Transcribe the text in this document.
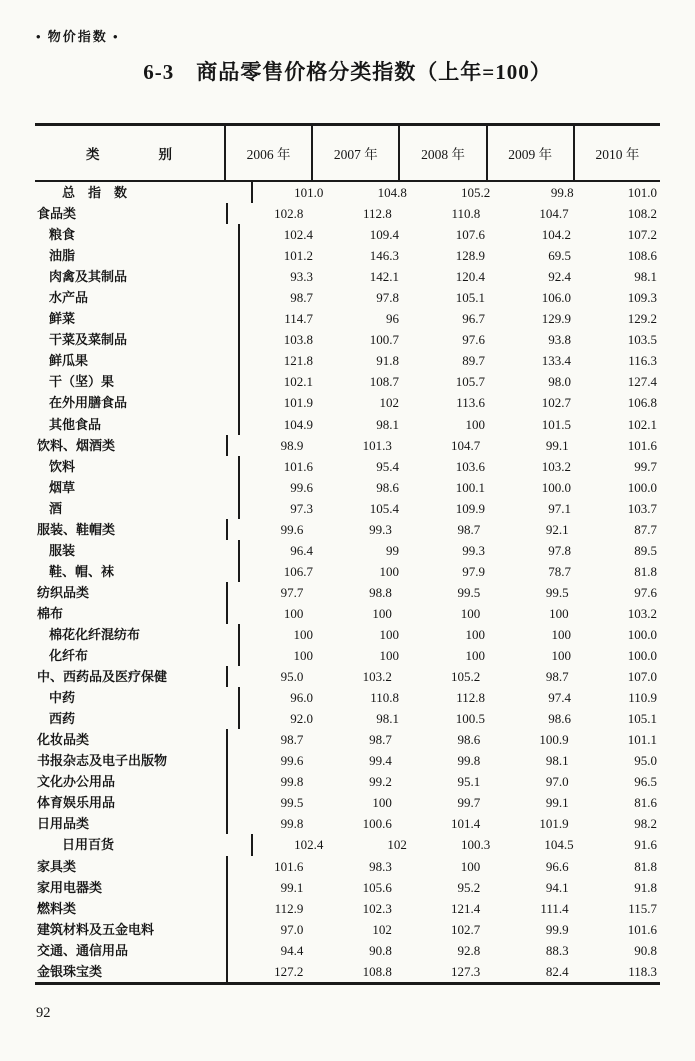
• 物价指数 •
6-3　商品零售价格分类指数（上年=100）
类　　　　别	2006 年	2007 年	2008 年	2009 年	2010 年
总　指　数	101.0	104.8	105.2	99.8	101.0
食品类	102.8	112.8	110.8	104.7	108.2
粮食	102.4	109.4	107.6	104.2	107.2
油脂	101.2	146.3	128.9	69.5	108.6
肉禽及其制品	93.3	142.1	120.4	92.4	98.1
水产品	98.7	97.8	105.1	106.0	109.3
鲜菜	114.7	96	96.7	129.9	129.2
干菜及菜制品	103.8	100.7	97.6	93.8	103.5
鲜瓜果	121.8	91.8	89.7	133.4	116.3
干（坚）果	102.1	108.7	105.7	98.0	127.4
在外用膳食品	101.9	102	113.6	102.7	106.8
其他食品	104.9	98.1	100	101.5	102.1
饮料、烟酒类	98.9	101.3	104.7	99.1	101.6
饮料	101.6	95.4	103.6	103.2	99.7
烟草	99.6	98.6	100.1	100.0	100.0
酒	97.3	105.4	109.9	97.1	103.7
服装、鞋帽类	99.6	99.3	98.7	92.1	87.7
服装	96.4	99	99.3	97.8	89.5
鞋、帽、袜	106.7	100	97.9	78.7	81.8
纺织品类	97.7	98.8	99.5	99.5	97.6
棉布	100	100	100	100	103.2
棉花化纤混纺布	100	100	100	100	100.0
化纤布	100	100	100	100	100.0
中、西药品及医疗保健	95.0	103.2	105.2	98.7	107.0
中药	96.0	110.8	112.8	97.4	110.9
西药	92.0	98.1	100.5	98.6	105.1
化妆品类	98.7	98.7	98.6	100.9	101.1
书报杂志及电子出版物	99.6	99.4	99.8	98.1	95.0
文化办公用品	99.8	99.2	95.1	97.0	96.5
体育娱乐用品	99.5	100	99.7	99.1	81.6
日用品类	99.8	100.6	101.4	101.9	98.2
日用百货	102.4	102	100.3	104.5	91.6
家具类	101.6	98.3	100	96.6	81.8
家用电器类	99.1	105.6	95.2	94.1	91.8
燃料类	112.9	102.3	121.4	111.4	115.7
建筑材料及五金电料	97.0	102	102.7	99.9	101.6
交通、通信用品	94.4	90.8	92.8	88.3	90.8
金银珠宝类	127.2	108.8	127.3	82.4	118.3
92
